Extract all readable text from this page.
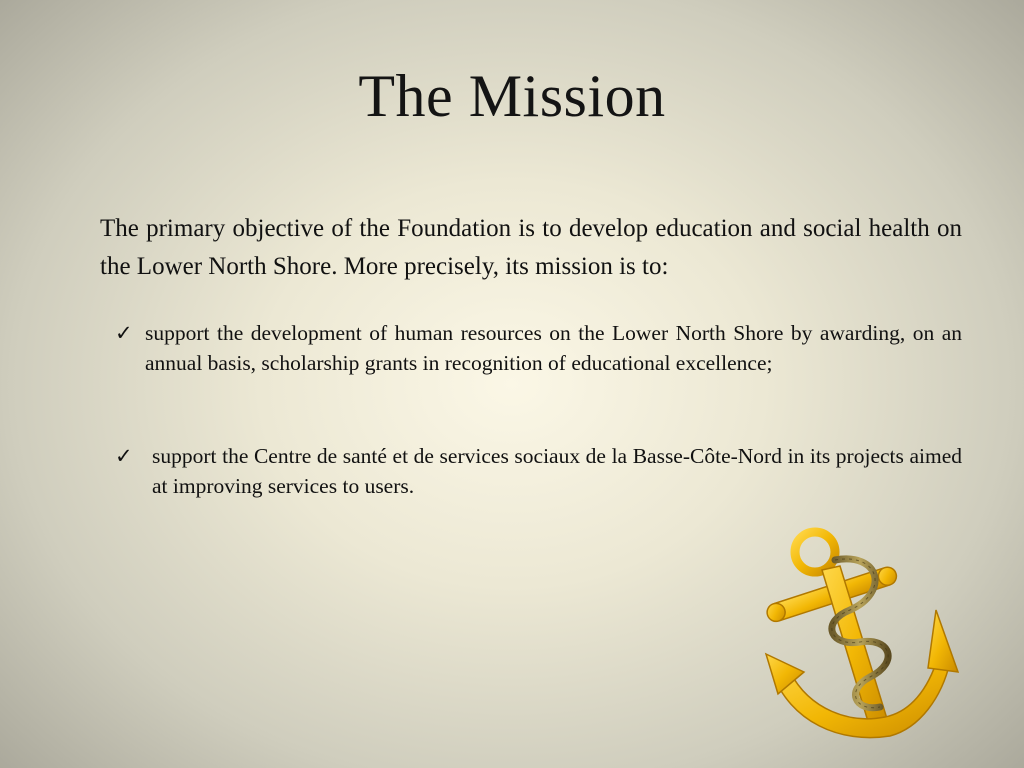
The Mission
The primary objective of the Foundation is to develop education and social health on the Lower North Shore. More precisely, its mission is to:
✓ support the development of human resources on the Lower North Shore by awarding, on an annual basis, scholarship grants in recognition of educational excellence;
✓ support the Centre de santé et de services sociaux de la Basse-Côte-Nord in its projects aimed at improving services to users.
